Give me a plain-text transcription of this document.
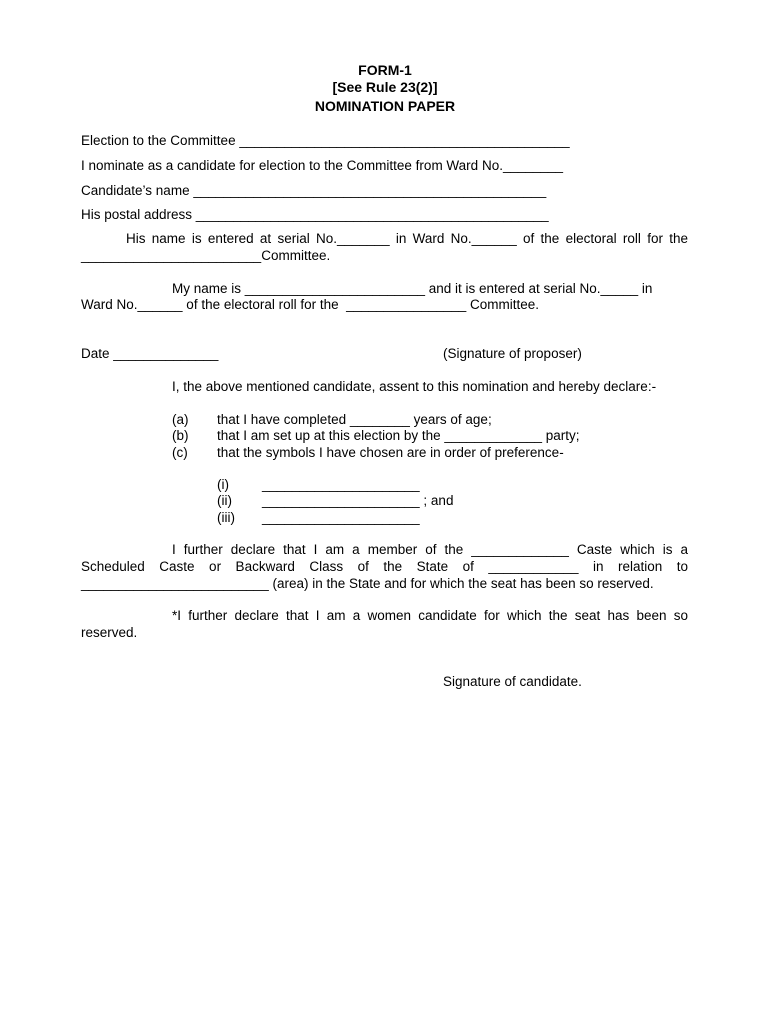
FORM-1
[See Rule 23(2)]
NOMINATION PAPER
Election to the Committee ____________________________________________
I nominate as a candidate for election to the Committee from Ward No.________
Candidate’s name _______________________________________________
His postal address _______________________________________________
His name is entered at serial No._______ in Ward No.______ of the electoral roll for the ________________________Committee.
My name is ________________________ and it is entered at serial No._____ in
Ward No.______ of the electoral roll for the  ________________ Committee.
Date ______________	(Signature of proposer)
I, the above mentioned candidate, assent to this nomination and hereby declare:-
(a) that I have completed ________ years of age;
(b) that I am set up at this election by the _____________ party;
(c) that the symbols I have chosen are in order of preference-
(i) _____________________
(ii) _____________________ ; and
(iii) _____________________
I further declare that I am a member of the _____________ Caste which is a Scheduled Caste or Backward Class of the State of ____________ in relation to _________________________ (area) in the State and for which the seat has been so reserved.
*I further declare that I am a women candidate for which the seat has been so reserved.
Signature of candidate.
